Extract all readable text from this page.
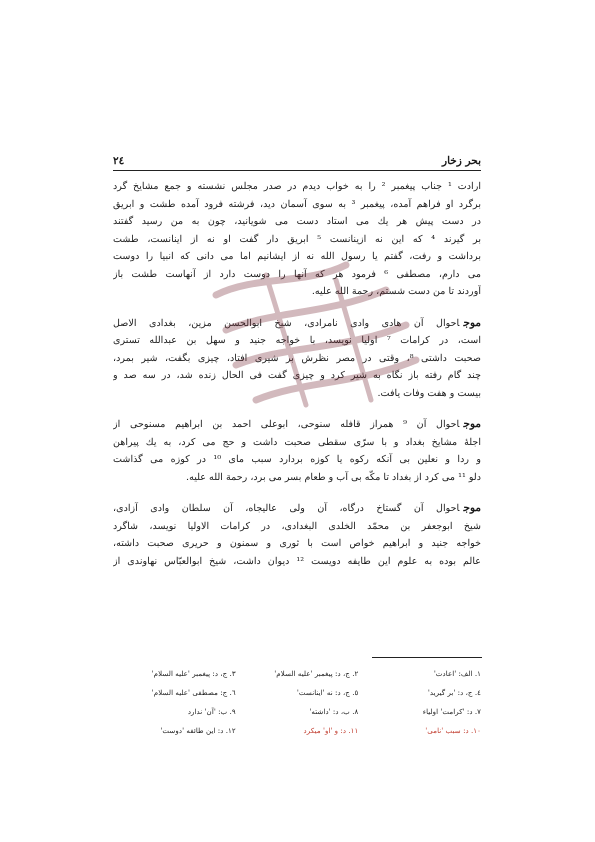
بحر زخار
٢٤
ارادت ¹ جناب پیغمبر ² را به خواب دیدم در صدر مجلس نشسته و جمع مشایخ گرد
برگرد او فراهم آمده، پیغمبر ³ به سوی آسمان دید، فرشته فرود آمده طشت و ابریق
در دست پیش هر یك می استاد دست می شویانید، چون به من رسید گفتند
بر گیرند ⁴ که این نه ازینانست ⁵ ابریق دار گفت او نه از اینانست، طشت
برداشت و رفت، گفتم یا رسول الله نه از ایشانیم اما می دانی که انبیا را دوست
می دارم، مصطفی ⁶ فرمود هر که آنها را دوست دارد از آنهاست طشت باز
آوردند تا من دست شستم، رحمة الله علیه.
موجاحوال آن هادی وادی نامرادی، شیخ ابوالحسن مزین، بغدادی الاصل
است، در کرامات ⁷ اولیا نویسد، با خواجه جنید و سهل بن عبدالله تستری
صحبت داشتی ⁸، وقتی در مصر نظرش بر شیری افتاد، چیزی بگفت، شیر بمرد،
چند گام رفته باز نگاه به شیر کرد و چیزی گفت فی الحال زنده شد، در سه صد و
بیست و هفت وفات یافت.
موجاحوال آن ⁹ همراز قافله سنوحی، ابوعلی احمد بن ابراهیم مسنوحی از
اجلهٔ مشایخ بغداد و با سرّی سقطی صحبت داشت و حج می کرد، به یك پیراهن
و ردا و نعلین بی آنکه رکوه یا کوزه بردارد سبب مای ¹⁰ در کوزه می گذاشت
دلو ¹¹ می کرد از بغداد تا مکّه بی آب و طعام بسر می برد، رحمة الله علیه.
موجاحوال آن گستاخ درگاه، آن ولی عالیجاه، آن سلطان وادی آزادی،
شیخ ابوجعفر بن محمّد الخلدی البغدادی، در کرامات الاولیا نویسد، شاگرد
خواجه جنید و ابراهیم خواص است با ثوری و سمنون و حریری صحبت داشته،
عالم بوده به علوم این طایفه دویست ¹² دیوان داشت، شیخ ابوالعبّاس نهاوندی از
١. الف: 'اعادت'
٢. ج، د: پیغمبر 'علیه السلام'
٣. ج، د: پیغمبر 'علیه السلام'
٤. ج، د: 'بر گیرید'
٥. ج، د: نه 'اینانست'
٦. ج: مصطفی 'علیه السلام'
٧. د: 'کرامت' اولیاء
٨. ب، د: 'داشته'
٩. ب: 'آن' ندارد
١٠. د: سبب 'نامی'
١١. د: و 'او' میکرد
١٢. د: این طائفه 'دوست'
